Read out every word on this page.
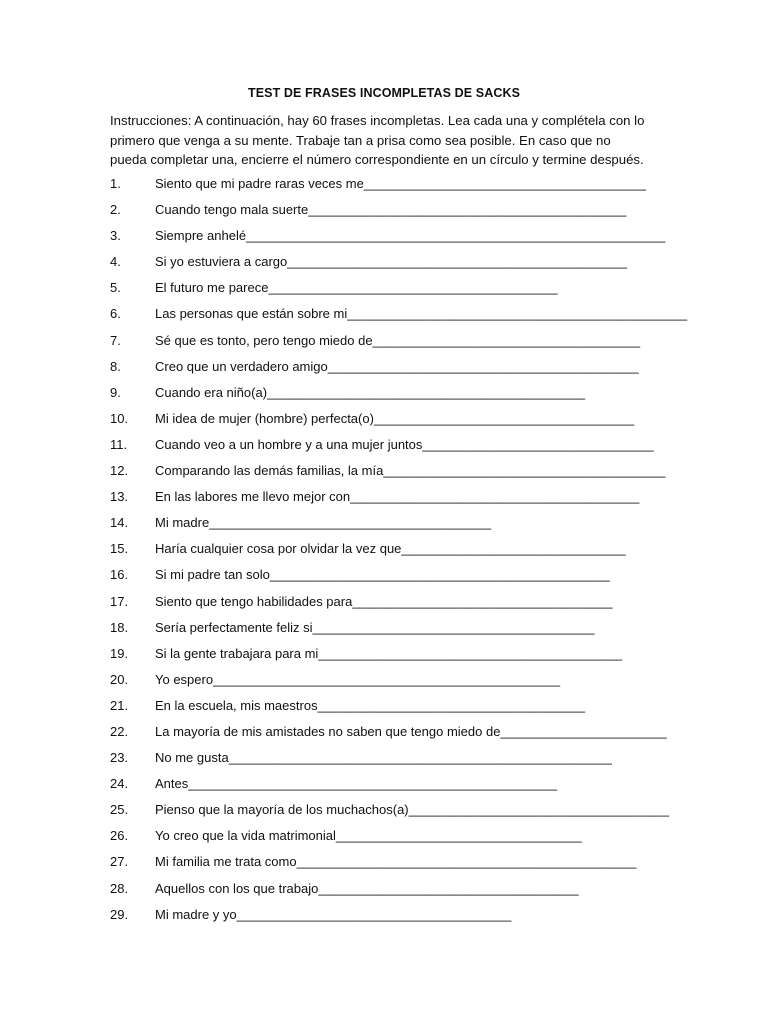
TEST DE FRASES INCOMPLETAS DE SACKS
Instrucciones: A continuación, hay 60 frases incompletas. Lea cada una y complétela con lo primero que venga a su mente. Trabaje tan a prisa como sea posible. En caso que no pueda completar una, encierre el número correspondiente en un círculo y termine después.
1.	Siento que mi padre raras veces me _______________________________________
2.	Cuando tengo mala suerte ____________________________________________
3.	Siempre anhelé __________________________________________________________
4.	Si yo estuviera a cargo _______________________________________________
5.	El futuro me parece ________________________________________
6.	Las personas que están sobre mi _______________________________________________
7.	Sé que es tonto, pero tengo miedo de _____________________________________
8.	Creo que un verdadero amigo ___________________________________________
9.	Cuando era niño(a) ____________________________________________
10.	Mi idea de mujer (hombre) perfecta(o) ____________________________________
11.	Cuando veo a un hombre y a una mujer juntos ________________________________
12.	Comparando las demás familias, la mía _______________________________________
13.	En las labores me llevo mejor con ________________________________________
14.	Mi madre _______________________________________
15.	Haría cualquier cosa por olvidar la vez que _______________________________
16.	Si mi padre tan solo _______________________________________________
17.	Siento que tengo habilidades para ____________________________________
18.	Sería perfectamente feliz si _______________________________________
19.	Si la gente trabajara para mi __________________________________________
20.	Yo espero ________________________________________________
21.	En la escuela, mis maestros _____________________________________
22.	La mayoría de mis amistades no saben que tengo miedo de _______________________
23.	No me gusta _____________________________________________________
24.	Antes ___________________________________________________
25.	Pienso que la mayoría de los muchachos(a) ____________________________________
26.	Yo creo que la vida matrimonial __________________________________
27.	Mi familia me trata como _______________________________________________
28.	Aquellos con los que trabajo ____________________________________
29.	Mi madre y yo ______________________________________
